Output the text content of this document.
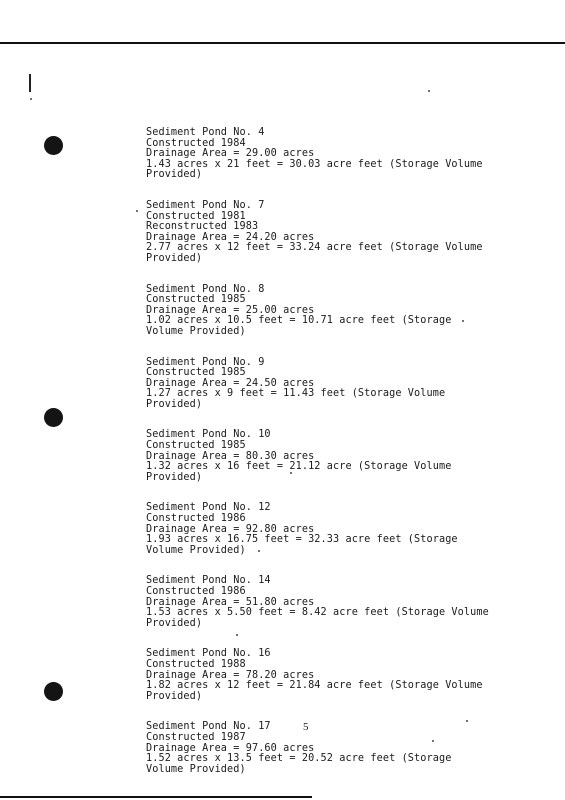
Sediment Pond No. 4
Constructed 1984
Drainage Area = 29.00 acres
1.43 acres x 21 feet = 30.03 acre feet (Storage Volume
Provided)
Sediment Pond No. 7
Constructed 1981
Reconstructed 1983
Drainage Area = 24.20 acres
2.77 acres x 12 feet = 33.24 acre feet (Storage Volume
Provided)
Sediment Pond No. 8
Constructed 1985
Drainage Area = 25.00 acres
1.02 acres x 10.5 feet = 10.71 acre feet (Storage
Volume Provided)
Sediment Pond No. 9
Constructed 1985
Drainage Area = 24.50 acres
1.27 acres x 9 feet = 11.43 feet (Storage Volume
Provided)
Sediment Pond No. 10
Constructed 1985
Drainage Area = 80.30 acres
1.32 acres x 16 feet = 21.12 acre (Storage Volume
Provided)
Sediment Pond No. 12
Constructed 1986
Drainage Area = 92.80 acres
1.93 acres x 16.75 feet = 32.33 acre feet (Storage
Volume Provided)
Sediment Pond No. 14
Constructed 1986
Drainage Area = 51.80 acres
1.53 acres x 5.50 feet = 8.42 acre feet (Storage Volume
Provided)
Sediment Pond No. 16
Constructed 1988
Drainage Area = 78.20 acres
1.82 acres x 12 feet = 21.84 acre feet (Storage Volume
Provided)
Sediment Pond No. 17
Constructed 1987
Drainage Area = 97.60 acres
1.52 acres x 13.5 feet = 20.52 acre feet (Storage
Volume Provided)
5
